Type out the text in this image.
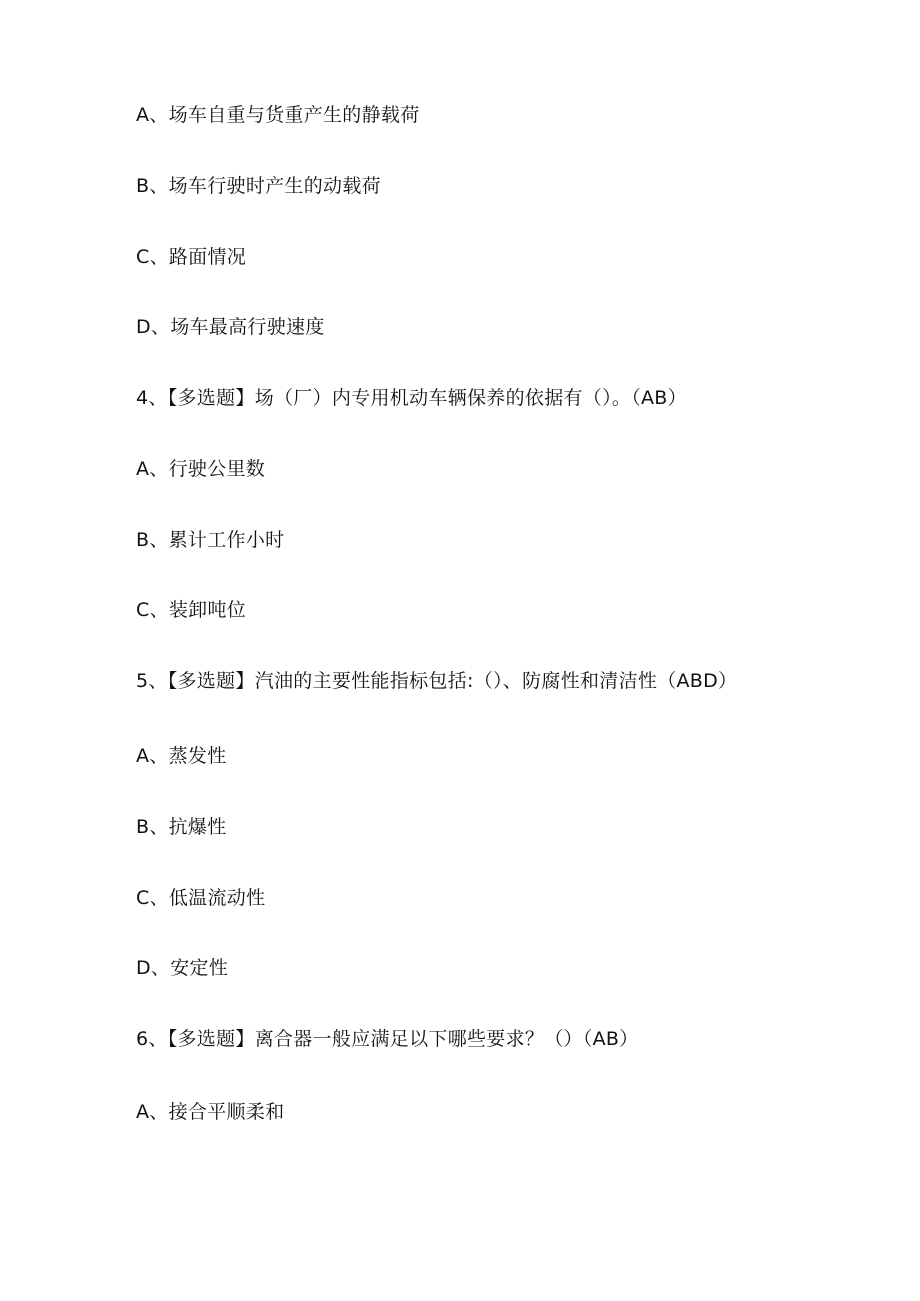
A、场车自重与货重产生的静载荷

B、场车行驶时产生的动载荷

C、路面情况

D、场车最高行驶速度

4、【多选题】场（厂）内专用机动车辆保养的依据有（）。（AB）

A、行驶公里数

B、累计工作小时

C、装卸吨位

5、【多选题】汽油的主要性能指标包括:（）、防腐性和清洁性（ABD）

A、蒸发性

B、抗爆性

C、低温流动性

D、安定性

6、【多选题】离合器一般应满足以下哪些要求？（）（AB）

A、接合平顺柔和
